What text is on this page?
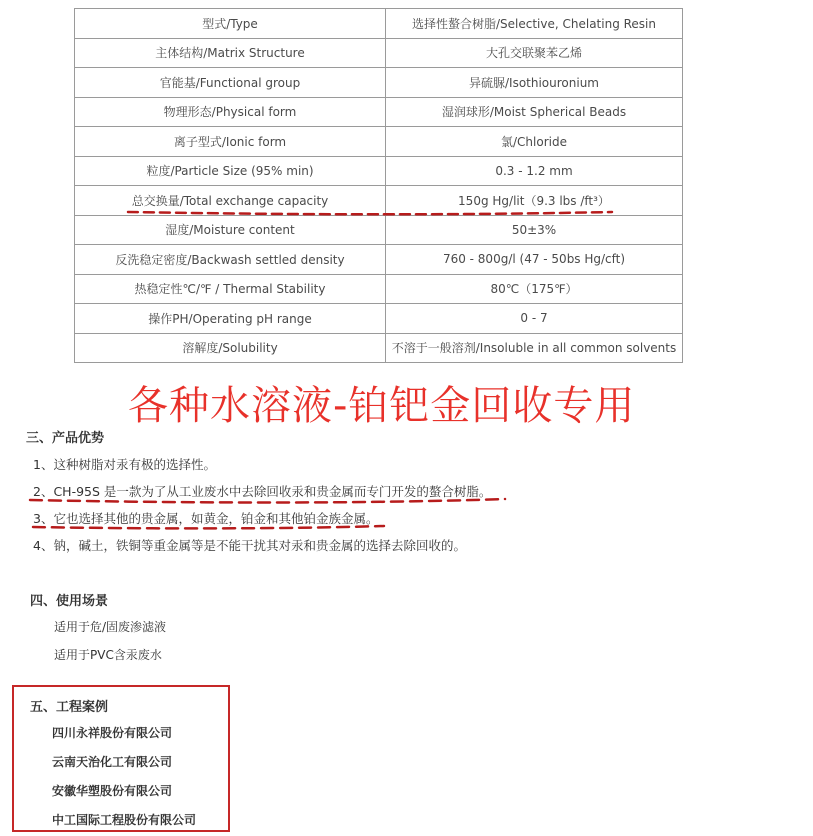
型式/Type	选择性螯合树脂/Selective, Chelating Resin
主体结构/Matrix Structure	大孔交联聚苯乙烯
官能基/Functional group	异硫脲/Isothiouronium
物理形态/Physical form	湿润球形/Moist Spherical Beads
离子型式/Ionic form	氯/Chloride
粒度/Particle Size (95% min)	0.3 - 1.2 mm
总交换量/Total exchange capacity	150g Hg/lit（9.3 lbs /ft³）
湿度/Moisture content	50±3%
反洗稳定密度/Backwash settled density	760 - 800g/l (47 - 50bs Hg/cft)
热稳定性℃/℉ / Thermal Stability	80℃（175℉）
操作PH/Operating pH range	0 - 7
溶解度/Solubility	不溶于一般溶剂/Insoluble in all common solvents
各种水溶液-铂钯金回收专用
三、产品优势
1、这种树脂对汞有极的选择性。
2、CH-95S 是一款为了从工业废水中去除回收汞和贵金属而专门开发的螯合树脂。
3、它也选择其他的贵金属，如黄金，铂金和其他铂金族金属。
4、钠，碱土，铁铜等重金属等是不能干扰其对汞和贵金属的选择去除回收的。
四、使用场景
适用于危/固废渗滤液
适用于PVC含汞废水
五、工程案例
四川永祥股份有限公司
云南天治化工有限公司
安徽华塑股份有限公司
中工国际工程股份有限公司
